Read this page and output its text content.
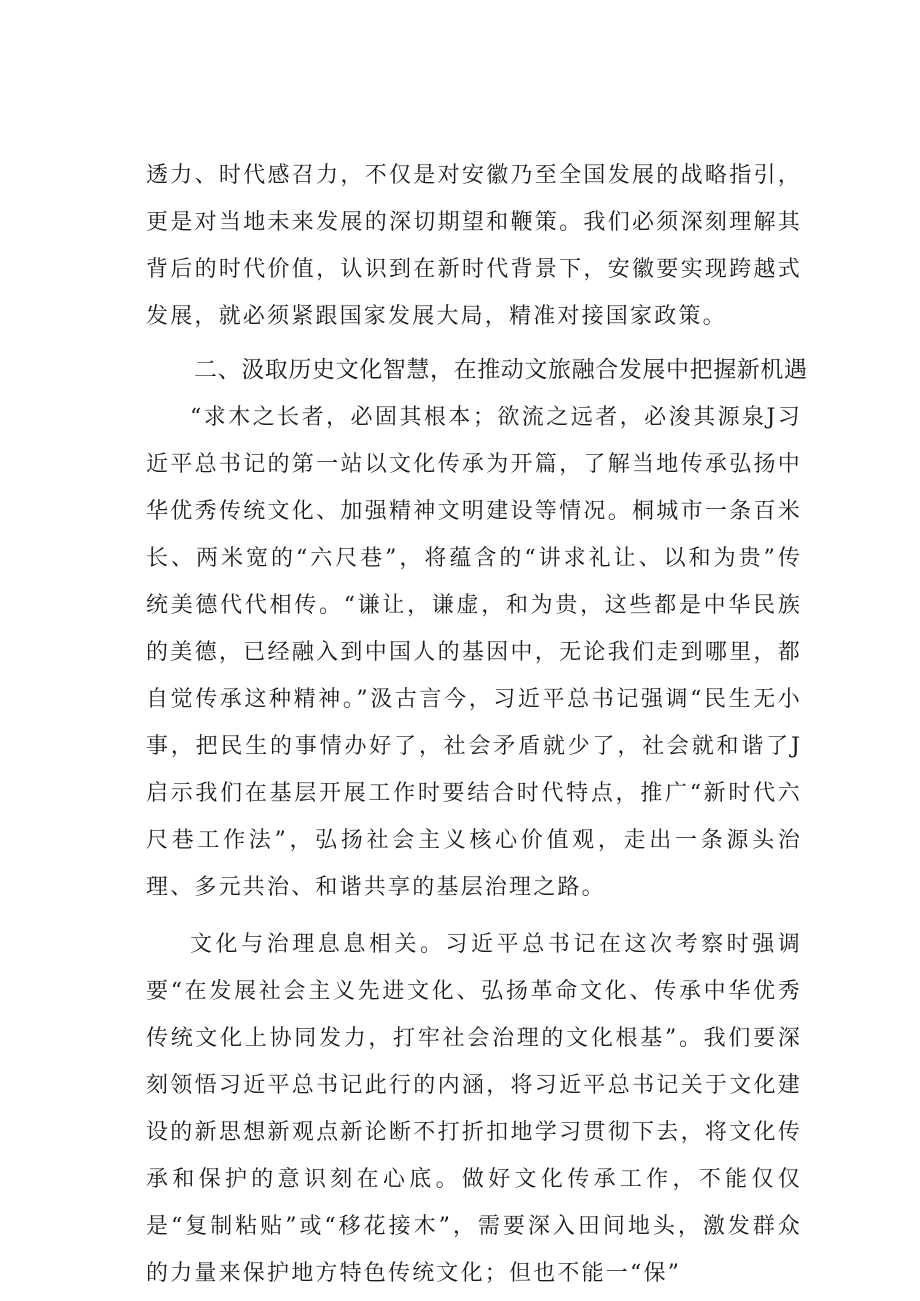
透力、时代感召力，不仅是对安徽乃至全国发展的战略指引，更是对当地未来发展的深切期望和鞭策。我们必须深刻理解其背后的时代价值，认识到在新时代背景下，安徽要实现跨越式发展，就必须紧跟国家发展大局，精准对接国家政策。

二、汲取历史文化智慧，在推动文旅融合发展中把握新机遇

“求木之长者，必固其根本；欲流之远者，必浚其源泉J习近平总书记的第一站以文化传承为开篇，了解当地传承弘扬中华优秀传统文化、加强精神文明建设等情况。桐城市一条百米长、两米宽的“六尺巷”，将蕴含的“讲求礼让、以和为贵”传统美德代代相传。“谦让，谦虚，和为贵，这些都是中华民族的美德，已经融入到中国人的基因中，无论我们走到哪里，都自觉传承这种精神。”汲古言今，习近平总书记强调“民生无小事，把民生的事情办好了，社会矛盾就少了，社会就和谐了J启示我们在基层开展工作时要结合时代特点，推广“新时代六尺巷工作法”，弘扬社会主义核心价值观，走出一条源头治理、多元共治、和谐共享的基层治理之路。

文化与治理息息相关。习近平总书记在这次考察时强调要“在发展社会主义先进文化、弘扬革命文化、传承中华优秀传统文化上协同发力，打牢社会治理的文化根基”。我们要深刻领悟习近平总书记此行的内涵，将习近平总书记关于文化建设的新思想新观点新论断不打折扣地学习贯彻下去，将文化传承和保护的意识刻在心底。做好文化传承工作，不能仅仅是“复制粘贴”或“移花接木”，需要深入田间地头，激发群众的力量来保护地方特色传统文化；但也不能一“保”
